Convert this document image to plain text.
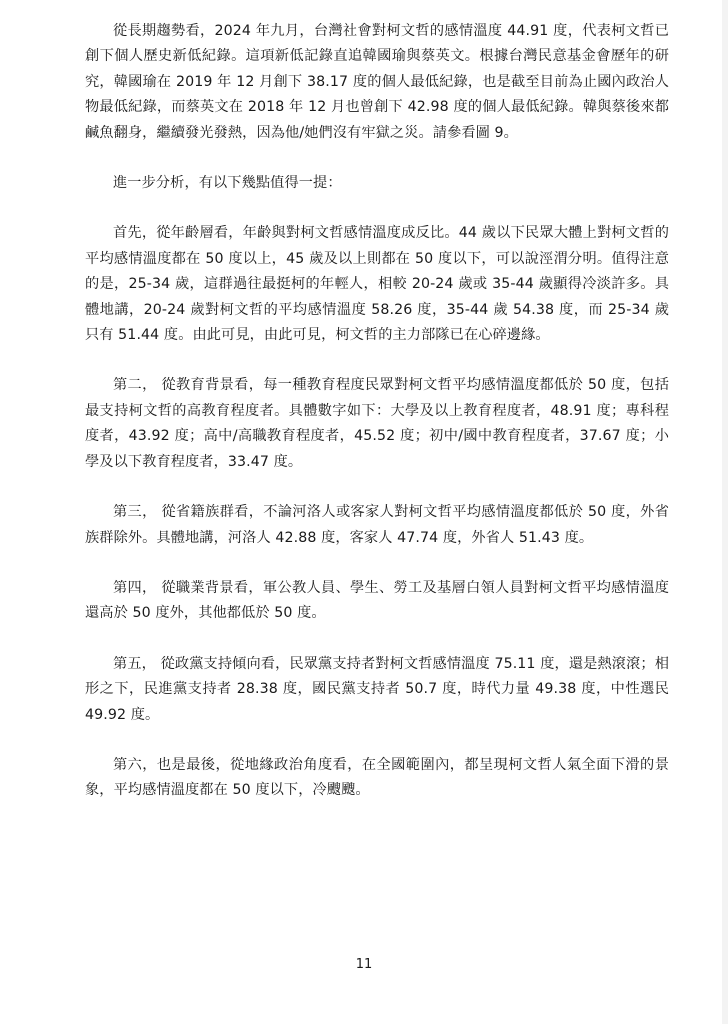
從長期趨勢看，2024 年九月，台灣社會對柯文哲的感情溫度 44.91 度，代表柯文哲已創下個人歷史新低紀錄。這項新低記錄直追韓國瑜與蔡英文。根據台灣民意基金會歷年的研究，韓國瑜在 2019 年 12 月創下 38.17 度的個人最低紀錄，也是截至目前為止國內政治人物最低紀錄，而蔡英文在 2018 年 12 月也曾創下 42.98 度的個人最低紀錄。韓與蔡後來都鹹魚翻身，繼續發光發熱，因為他/她們沒有牢獄之災。請參看圖 9。

進一步分析，有以下幾點值得一提：

首先，從年齡層看，年齡與對柯文哲感情溫度成反比。44 歲以下民眾大體上對柯文哲的平均感情溫度都在 50 度以上，45 歲及以上則都在 50 度以下，可以說涇渭分明。值得注意的是，25-34 歲，這群過往最挺柯的年輕人，相較 20-24 歲或 35-44 歲顯得冷淡許多。具體地講，20-24 歲對柯文哲的平均感情溫度 58.26 度，35-44 歲 54.38 度，而 25-34 歲只有 51.44 度。由此可見，由此可見，柯文哲的主力部隊已在心碎邊緣。

第二， 從教育背景看，每一種教育程度民眾對柯文哲平均感情溫度都低於 50 度，包括最支持柯文哲的高教育程度者。具體數字如下：大學及以上教育程度者，48.91 度；專科程度者，43.92 度；高中/高職教育程度者，45.52 度；初中/國中教育程度者，37.67 度；小學及以下教育程度者，33.47 度。

第三， 從省籍族群看，不論河洛人或客家人對柯文哲平均感情溫度都低於 50 度，外省族群除外。具體地講，河洛人 42.88 度，客家人 47.74 度，外省人 51.43 度。

第四， 從職業背景看，軍公教人員、學生、勞工及基層白領人員對柯文哲平均感情溫度還高於 50 度外，其他都低於 50 度。

第五， 從政黨支持傾向看，民眾黨支持者對柯文哲感情溫度 75.11 度，還是熱滾滾；相形之下，民進黨支持者 28.38 度，國民黨支持者 50.7 度，時代力量 49.38 度，中性選民 49.92 度。

第六，也是最後，從地緣政治角度看，在全國範圍內，都呈現柯文哲人氣全面下滑的景象，平均感情溫度都在 50 度以下，冷颼颼。

11
